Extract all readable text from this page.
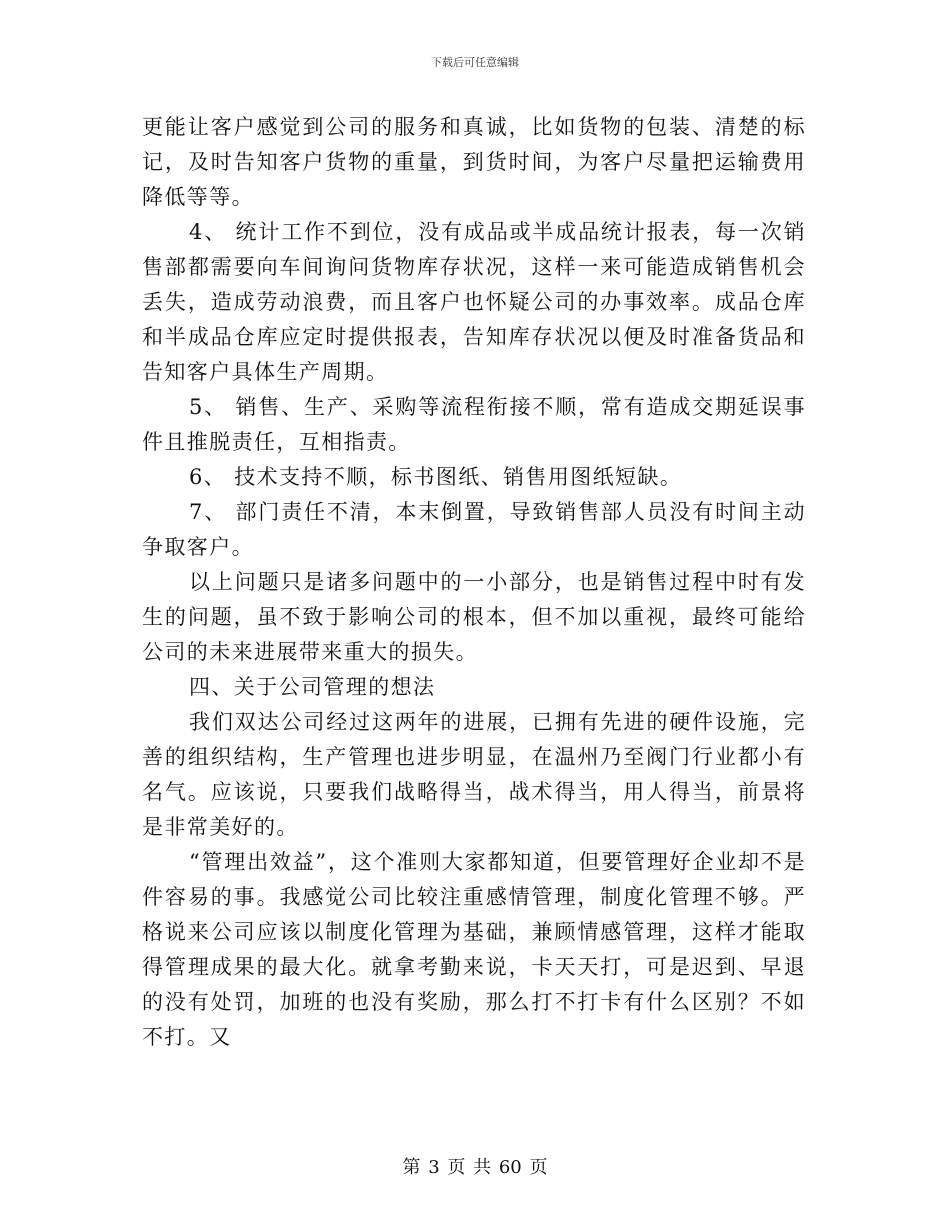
下载后可任意编辑

更能让客户感觉到公司的服务和真诚，比如货物的包装、清楚的标记，及时告知客户货物的重量，到货时间，为客户尽量把运输费用降低等等。

4、 统计工作不到位，没有成品或半成品统计报表，每一次销售部都需要向车间询问货物库存状况，这样一来可能造成销售机会丢失，造成劳动浪费，而且客户也怀疑公司的办事效率。成品仓库和半成品仓库应定时提供报表，告知库存状况以便及时准备货品和告知客户具体生产周期。

5、 销售、生产、采购等流程衔接不顺，常有造成交期延误事件且推脱责任，互相指责。

6、 技术支持不顺，标书图纸、销售用图纸短缺。

7、 部门责任不清，本末倒置，导致销售部人员没有时间主动争取客户。

以上问题只是诸多问题中的一小部分，也是销售过程中时有发生的问题，虽不致于影响公司的根本，但不加以重视，最终可能给公司的未来进展带来重大的损失。

四、关于公司管理的想法

我们双达公司经过这两年的进展，已拥有先进的硬件设施，完善的组织结构，生产管理也进步明显，在温州乃至阀门行业都小有名气。应该说，只要我们战略得当，战术得当，用人得当，前景将是非常美好的。

“管理出效益”，这个准则大家都知道，但要管理好企业却不是件容易的事。我感觉公司比较注重感情管理，制度化管理不够。严格说来公司应该以制度化管理为基础，兼顾情感管理，这样才能取得管理成果的最大化。就拿考勤来说，卡天天打，可是迟到、早退的没有处罚，加班的也没有奖励，那么打不打卡有什么区别？不如不打。又

第 3 页 共 60 页
